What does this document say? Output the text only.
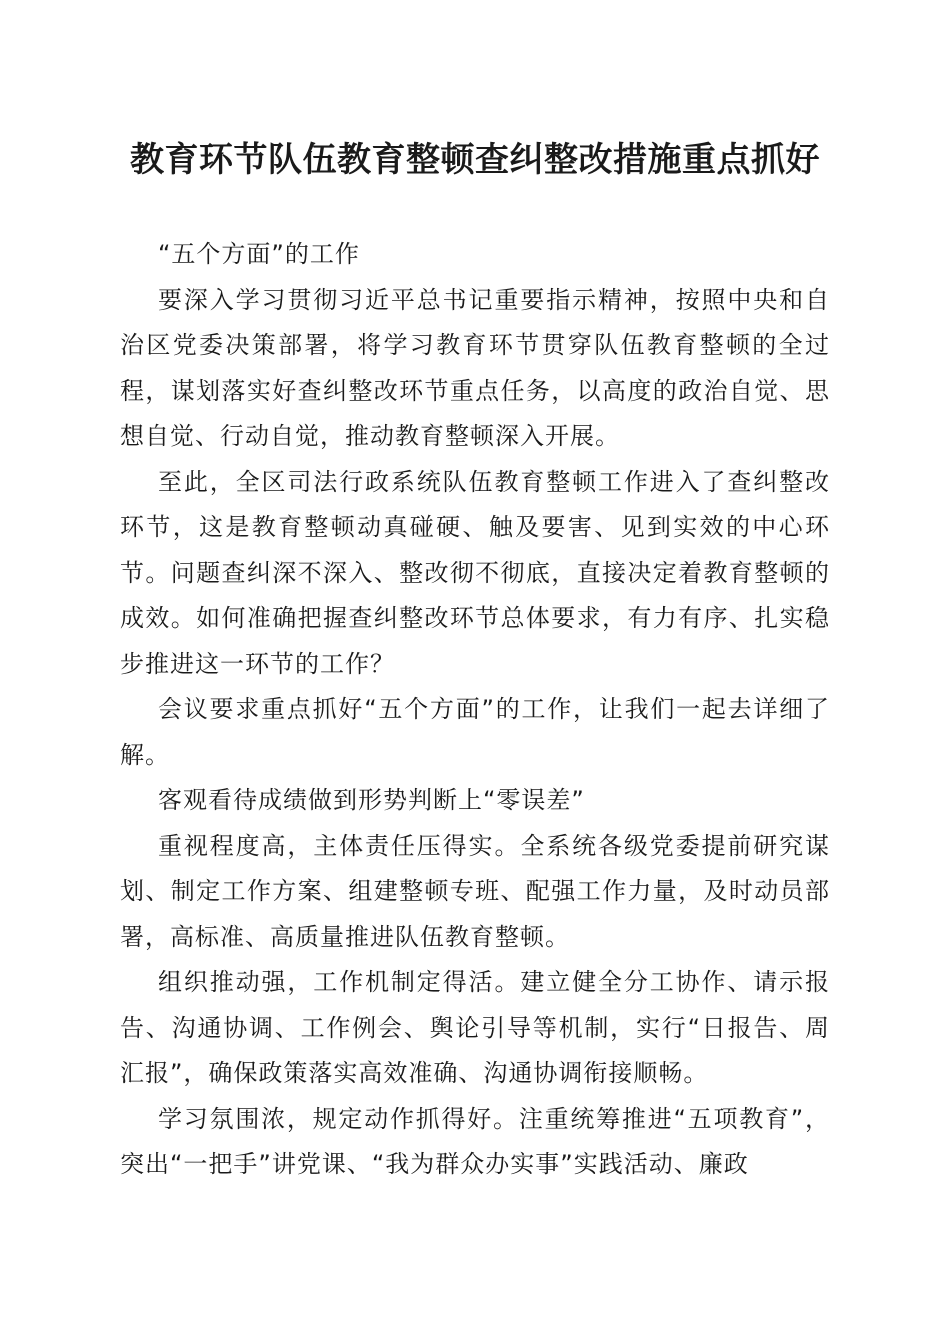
教育环节队伍教育整顿查纠整改措施重点抓好

“五个方面”的工作

要深入学习贯彻习近平总书记重要指示精神，按照中央和自治区党委决策部署，将学习教育环节贯穿队伍教育整顿的全过程，谋划落实好查纠整改环节重点任务，以高度的政治自觉、思想自觉、行动自觉，推动教育整顿深入开展。

至此，全区司法行政系统队伍教育整顿工作进入了查纠整改环节，这是教育整顿动真碰硬、触及要害、见到实效的中心环节。问题查纠深不深入、整改彻不彻底，直接决定着教育整顿的成效。如何准确把握查纠整改环节总体要求，有力有序、扎实稳步推进这一环节的工作？

会议要求重点抓好“五个方面”的工作，让我们一起去详细了解。

客观看待成绩做到形势判断上“零误差”

重视程度高，主体责任压得实。全系统各级党委提前研究谋划、制定工作方案、组建整顿专班、配强工作力量，及时动员部署，高标准、高质量推进队伍教育整顿。

组织推动强，工作机制定得活。建立健全分工协作、请示报告、沟通协调、工作例会、舆论引导等机制，实行“日报告、周汇报”，确保政策落实高效准确、沟通协调衔接顺畅。

学习氛围浓，规定动作抓得好。注重统筹推进“五项教育”，突出“一把手”讲党课、“我为群众办实事”实践活动、廉政
